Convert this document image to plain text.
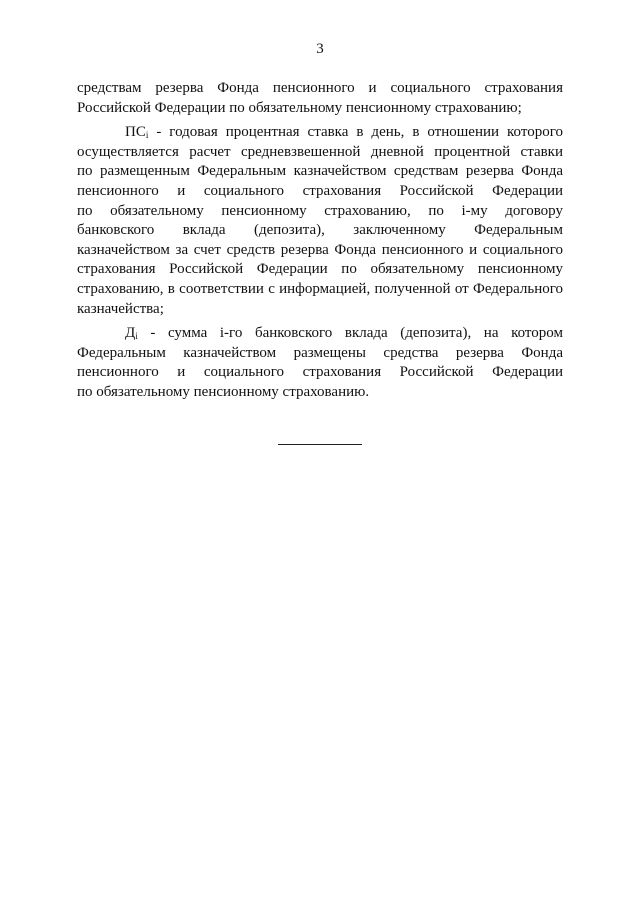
3
средствам резерва Фонда пенсионного и социального страхования
Российской Федерации по обязательному пенсионному страхованию;
$ПС_i$ - годовая процентная ставка в день, в отношении которого
осуществляется расчет средневзвешенной дневной процентной ставки
по размещенным Федеральным казначейством средствам резерва Фонда
пенсионного и социального страхования Российской Федерации
по обязательному пенсионному страхованию, по i-му договору
банковского вклада (депозита), заключенному Федеральным
казначейством за счет средств резерва Фонда пенсионного и социального
страхования Российской Федерации по обязательному пенсионному
страхованию, в соответствии с информацией, полученной от Федерального
казначейства;
$Д_i$ - сумма i-го банковского вклада (депозита), на котором
Федеральным казначейством размещены средства резерва Фонда
пенсионного и социального страхования Российской Федерации
по обязательному пенсионному страхованию.
